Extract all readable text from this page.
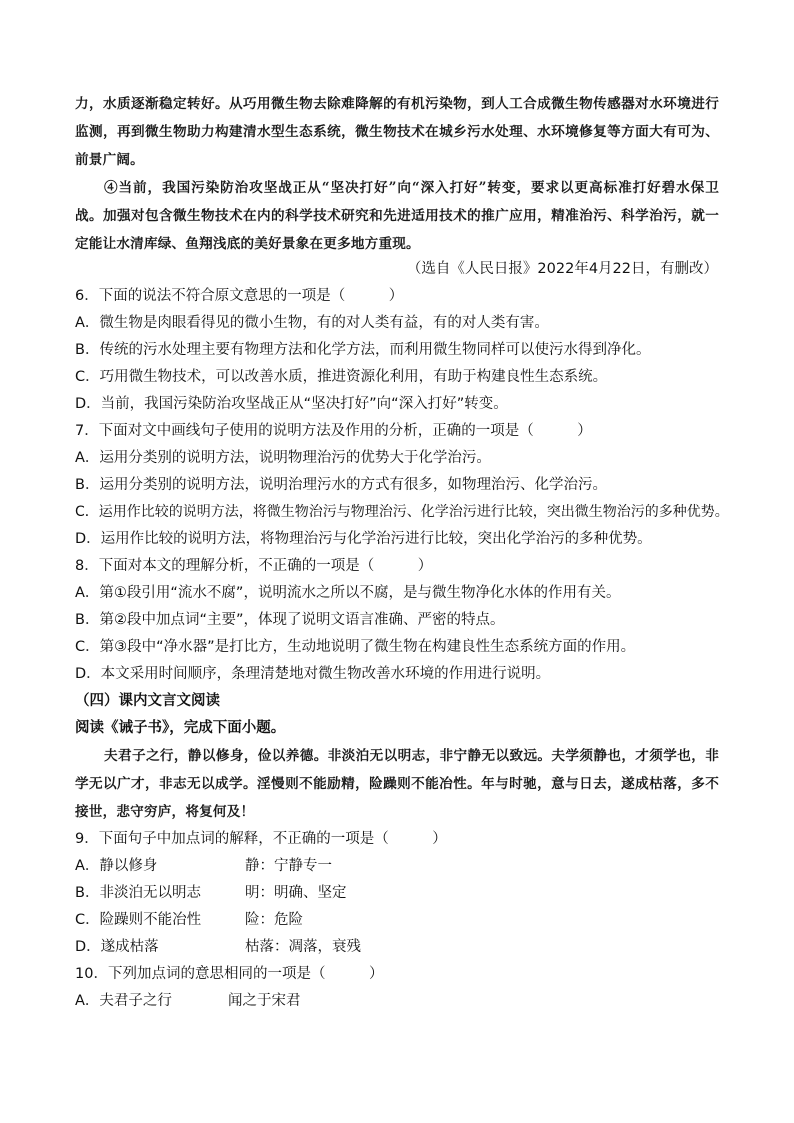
力，水质逐渐稳定转好。从巧用微生物去除难降解的有机污染物，到人工合成微生物传感器对水环境进行
监测，再到微生物助力构建清水型生态系统，微生物技术在城乡污水处理、水环境修复等方面大有可为、
前景广阔。
④当前，我国污染防治攻坚战正从“坚决打好”向“深入打好”转变，要求以更高标准打好碧水保卫
战。加强对包含微生物技术在内的科学技术研究和先进适用技术的推广应用，精准治污、科学治污，就一
定能让水清库绿、鱼翔浅底的美好景象在更多地方重现。
（选自《人民日报》2022年4月22日，有删改）
6．下面的说法不符合原文意思的一项是（　　　）
A．微生物是肉眼看得见的微小生物，有的对人类有益，有的对人类有害。
B．传统的污水处理主要有物理方法和化学方法，而利用微生物同样可以使污水得到净化。
C．巧用微生物技术，可以改善水质，推进资源化利用，有助于构建良性生态系统。
D．当前，我国污染防治攻坚战正从“坚决打好”向“深入打好”转变。
7．下面对文中画线句子使用的说明方法及作用的分析，正确的一项是（　　　）
A．运用分类别的说明方法，说明物理治污的优势大于化学治污。
B．运用分类别的说明方法，说明治理污水的方式有很多，如物理治污、化学治污。
C．运用作比较的说明方法，将微生物治污与物理治污、化学治污进行比较，突出微生物治污的多种优势。
D．运用作比较的说明方法，将物理治污与化学治污进行比较，突出化学治污的多种优势。
8．下面对本文的理解分析，不正确的一项是（　　　）
A．第①段引用“流水不腐”，说明流水之所以不腐，是与微生物净化水体的作用有关。
B．第②段中加点词“主要”，体现了说明文语言准确、严密的特点。
C．第③段中“净水器”是打比方，生动地说明了微生物在构建良性生态系统方面的作用。
D．本文采用时间顺序，条理清楚地对微生物改善水环境的作用进行说明。
（四）课内文言文阅读
阅读《诫子书》，完成下面小题。
夫君子之行，静以修身，俭以养德。非淡泊无以明志，非宁静无以致远。夫学须静也，才须学也，非
学无以广才，非志无以成学。淫慢则不能励精，险躁则不能冶性。年与时驰，意与日去，遂成枯落，多不
接世，悲守穷庐，将复何及！
9．下面句子中加点词的解释，不正确的一项是（　　　）
A．静以修身	静：宁静专一
B．非淡泊无以明志	明：明确、坚定
C．险躁则不能冶性	险：危险
D．遂成枯落	枯落：凋落，衰残
10．下列加点词的意思相同的一项是（　　　）
A．夫君子之行	闻之于宋君
